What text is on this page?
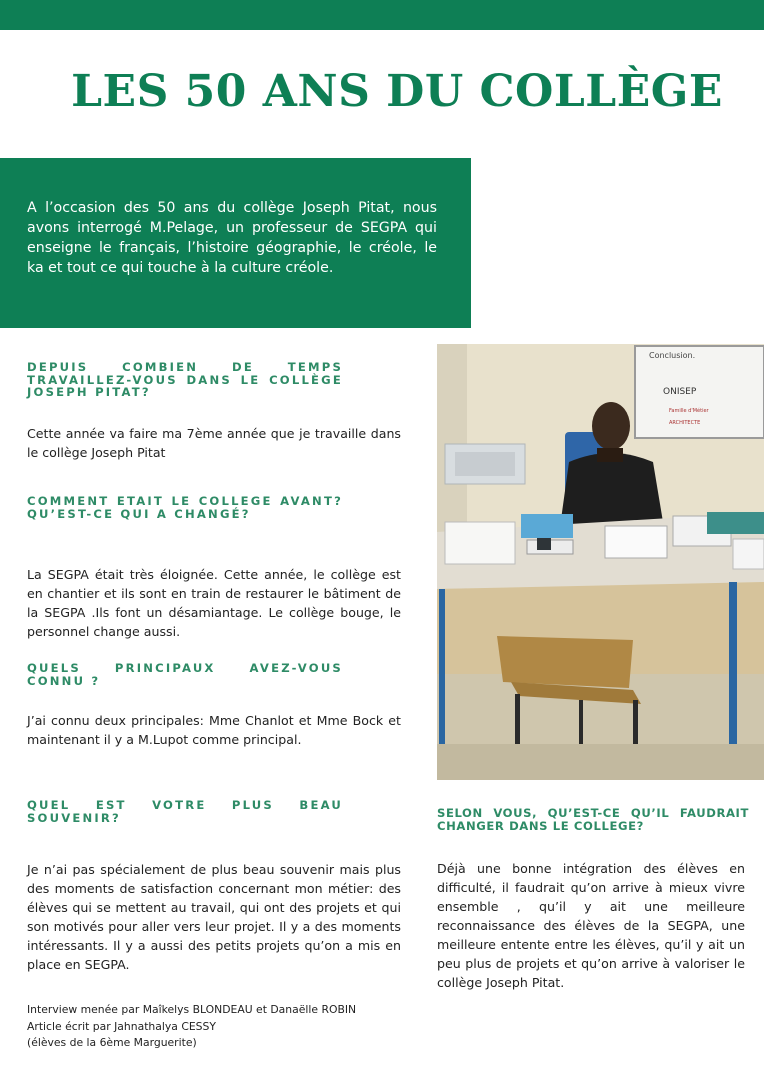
LES 50 ANS DU COLLÈGE

A l’occasion des 50 ans du collège Joseph Pitat, nous avons interrogé M.Pelage, un professeur de SEGPA qui enseigne le français, l’histoire géographie, le créole, le ka et tout ce qui touche à la culture créole.

DEPUIS COMBIEN DE TEMPS TRAVAILLEZ-VOUS DANS LE COLLÈGE JOSEPH PITAT?

Cette année va faire ma 7ème année que je travaille dans le collège Joseph Pitat

COMMENT ETAIT LE COLLEGE AVANT? QU’EST-CE QUI A CHANGÉ?

La SEGPA était très éloignée. Cette année, le collège est en chantier et ils sont en train de restaurer le bâtiment de la SEGPA .Ils font un désamiantage. Le collège bouge, le personnel change aussi.

QUELS PRINCIPAUX AVEZ-VOUS CONNU ?

J’ai connu deux principales: Mme Chanlot et Mme Bock et maintenant il y a M.Lupot comme principal.

QUEL EST VOTRE PLUS BEAU SOUVENIR?

Je n’ai pas spécialement de plus beau souvenir mais plus des moments de satisfaction concernant mon métier: des élèves qui se mettent au travail, qui ont des projets et qui son motivés pour aller vers leur projet. Il y a des moments intéressants. Il y a aussi des petits projets qu’on a mis en place en SEGPA.

Conclusion.
ONISEP
Famille d'Métier
ARCHITECTE

SELON VOUS, QU’EST-CE QU’IL FAUDRAIT CHANGER DANS LE COLLEGE?

Déjà une bonne intégration des élèves en difficulté, il faudrait qu’on arrive à mieux vivre ensemble , qu’il y ait une meilleure reconnaissance des élèves de la SEGPA, une meilleure entente entre les élèves, qu’il y ait un peu plus de projets et qu’on arrive à valoriser le collège Joseph Pitat.

Interview menée par Maîkelys BLONDEAU et Danaëlle ROBIN
Article écrit par Jahnathalya CESSY
(élèves de la 6ème Marguerite)
